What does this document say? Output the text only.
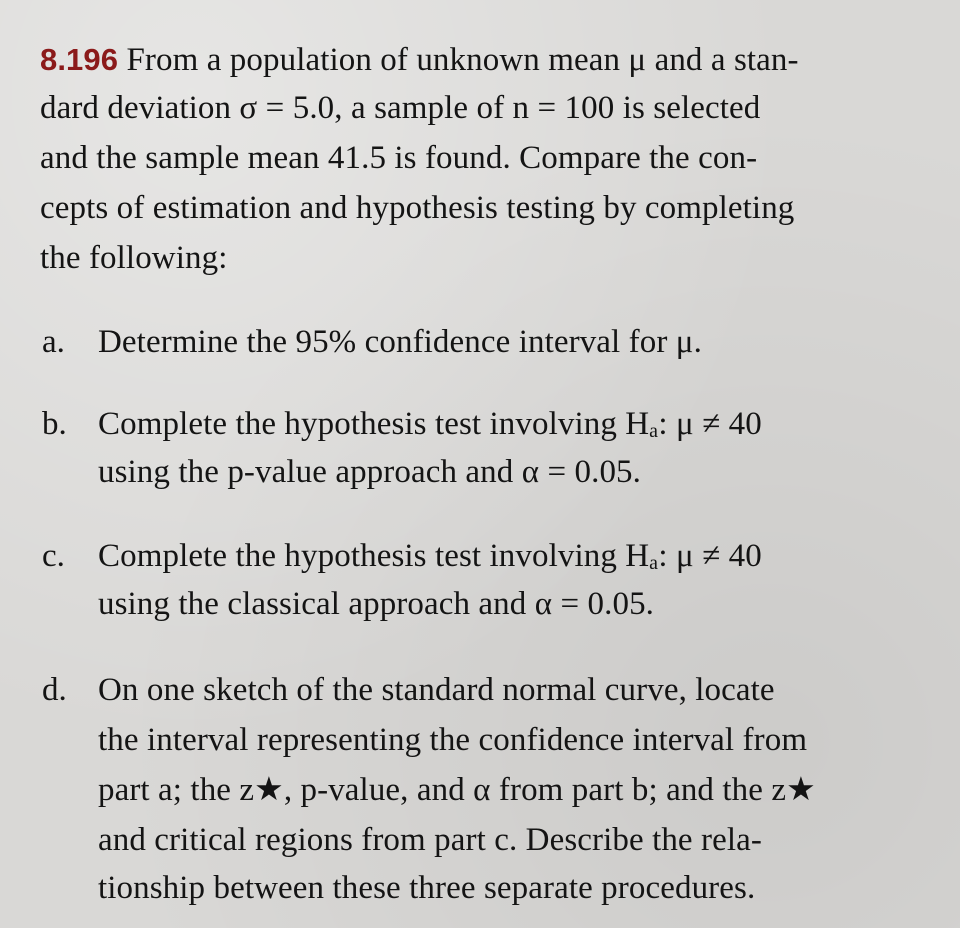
8.196 From a population of unknown mean μ and a stan-
dard deviation σ = 5.0, a sample of n = 100 is selected
and the sample mean 41.5 is found. Compare the con-
cepts of estimation and hypothesis testing by completing
the following:
a. Determine the 95% confidence interval for μ.
b. Complete the hypothesis test involving Hₐ: μ ≠ 40
using the p-value approach and α = 0.05.
c. Complete the hypothesis test involving Hₐ: μ ≠ 40
using the classical approach and α = 0.05.
d. On one sketch of the standard normal curve, locate
the interval representing the confidence interval from
part a; the z★, p-value, and α from part b; and the z★
and critical regions from part c. Describe the rela-
tionship between these three separate procedures.
